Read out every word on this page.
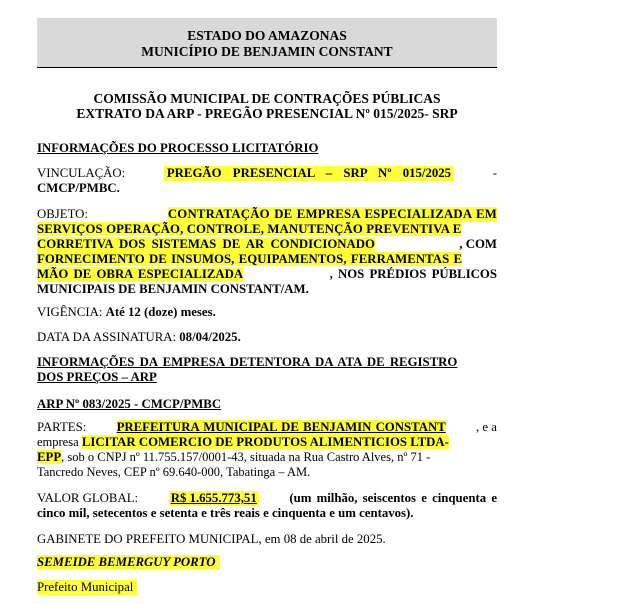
ESTADO DO AMAZONAS
MUNICÍPIO DE BENJAMIN CONSTANT
COMISSÃO MUNICIPAL DE CONTRAÇÕES PÚBLICAS
EXTRATO DA ARP - PREGÃO PRESENCIAL Nº 015/2025- SRP
INFORMAÇÕES DO PROCESSO LICITATÓRIO
VINCULAÇÃO:	PREGÃO PRESENCIAL – SRP Nº 015/2025	-
CMCP/PMBC.
OBJETO:	CONTRATAÇÃO DE EMPRESA ESPECIALIZADA EM
SERVIÇOS OPERAÇÃO, CONTROLE, MANUTENÇÃO PREVENTIVA E
CORRETIVA DOS SISTEMAS DE AR CONDICIONADO	, COM
FORNECIMENTO DE INSUMOS, EQUIPAMENTOS, FERRAMENTAS E
MÃO DE OBRA ESPECIALIZADA	, NOS PRÉDIOS PÚBLICOS
MUNICIPAIS DE BENJAMIN CONSTANT/AM.
VIGÊNCIA: Até 12 (doze) meses.
DATA DA ASSINATURA: 08/04/2025.
INFORMAÇÕES DA EMPRESA DETENTORA DA ATA DE REGISTRO
DOS PREÇOS – ARP
ARP Nº 083/2025 - CMCP/PMBC
PARTES: PREFEITURA MUNICIPAL DE BENJAMIN CONSTANT , e a
empresa LICITAR COMERCIO DE PRODUTOS ALIMENTICIOS LTDA-
EPP, sob o CNPJ nº 11.755.157/0001-43, situada na Rua Castro Alves, nº 71 -
Tancredo Neves, CEP nº 69.640-000, Tabatinga – AM.
VALOR GLOBAL:	R$ 1.655.773,51	(um milhão, seiscentos e cinquenta e
cinco mil, setecentos e setenta e três reais e cinquenta e um centavos).
GABINETE DO PREFEITO MUNICIPAL, em 08 de abril de 2025.
SEMEIDE BEMERGUY PORTO
Prefeito Municipal
